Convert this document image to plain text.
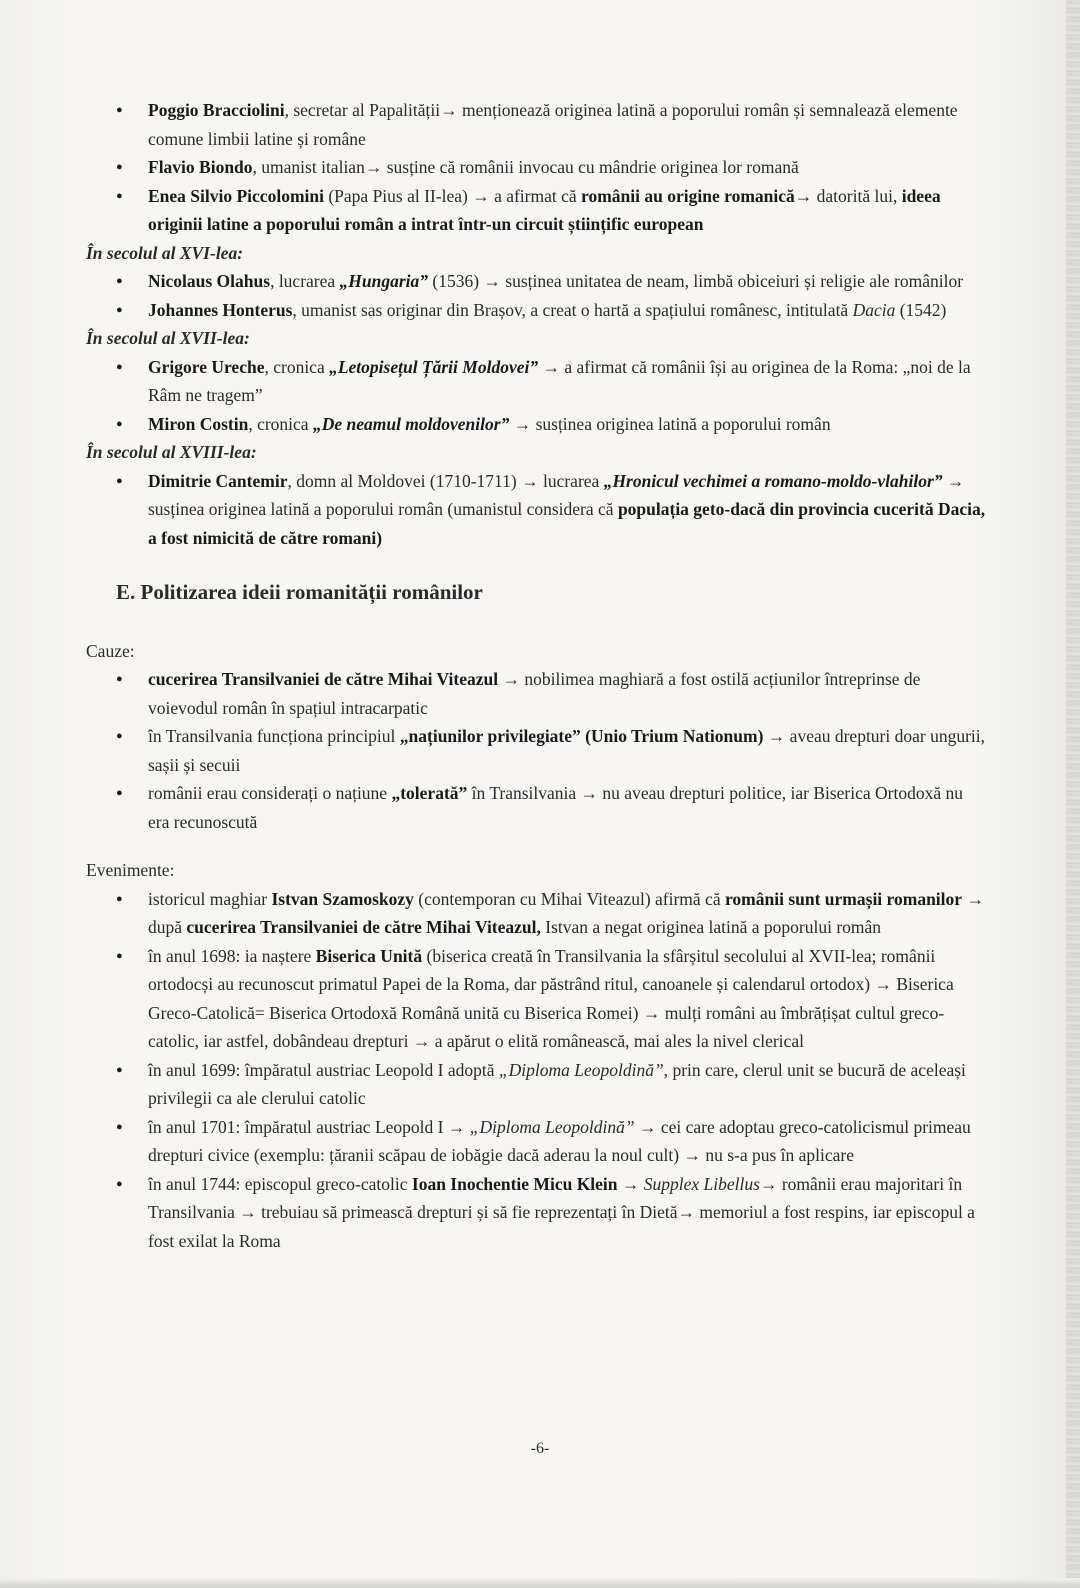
● Poggio Bracciolini, secretar al Papalității→ menționează originea latină a poporului român și semnalează elemente comune limbii latine și române
● Flavio Biondo, umanist italian→ susține că românii invocau cu mândrie originea lor romană
● Enea Silvio Piccolomini (Papa Pius al II-lea) → a afirmat că românii au origine romanică→ datorită lui, ideea originii latine a poporului român a intrat într-un circuit științific european
În secolul al XVI-lea:
● Nicolaus Olahus, lucrarea „Hungaria” (1536) → susținea unitatea de neam, limbă obiceiuri și religie ale românilor
● Johannes Honterus, umanist sas originar din Brașov, a creat o hartă a spațiului românesc, intitulată Dacia (1542)
În secolul al XVII-lea:
● Grigore Ureche, cronica „Letopisețul Țării Moldovei” → a afirmat că românii își au originea de la Roma: „noi de la Râm ne tragem”
● Miron Costin, cronica „De neamul moldovenilor” → susținea originea latină a poporului român
În secolul al XVIII-lea:
● Dimitrie Cantemir, domn al Moldovei (1710-1711) → lucrarea „Hronicul vechimei a romano-moldo-vlahilor” → susținea originea latină a poporului român (umanistul considera că populația geto-dacă din provincia cucerită Dacia, a fost nimicită de către romani)
E. Politizarea ideii romanității românilor
Cauze:
● cucerirea Transilvaniei de către Mihai Viteazul → nobilimea maghiară a fost ostilă acțiunilor întreprinse de voievodul român în spațiul intracarpatic
● în Transilvania funcționa principiul „națiunilor privilegiate” (Unio Trium Nationum) → aveau drepturi doar ungurii, sașii și secuii
● românii erau considerați o națiune „tolerată” în Transilvania → nu aveau drepturi politice, iar Biserica Ortodoxă nu era recunoscută
Evenimente:
● istoricul maghiar Istvan Szamoskozy (contemporan cu Mihai Viteazul) afirmă că românii sunt urmașii romanilor → după cucerirea Transilvaniei de către Mihai Viteazul, Istvan a negat originea latină a poporului român
● în anul 1698: ia naștere Biserica Unită (biserica creată în Transilvania la sfârșitul secolului al XVII-lea; românii ortodocși au recunoscut primatul Papei de la Roma, dar păstrând ritul, canoanele și calendarul ortodox) → Biserica Greco-Catolică= Biserica Ortodoxă Română unită cu Biserica Romei) → mulți români au îmbrățișat cultul greco-catolic, iar astfel, dobândeau drepturi → a apărut o elită românească, mai ales la nivel clerical
● în anul 1699: împăratul austriac Leopold I adoptă „Diploma Leopoldină”, prin care, clerul unit se bucură de aceleași privilegii ca ale clerului catolic
● în anul 1701: împăratul austriac Leopold I → „Diploma Leopoldină” → cei care adoptau greco-catolicismul primeau drepturi civice (exemplu: țăranii scăpau de iobăgie dacă aderau la noul cult) → nu s-a pus în aplicare
● în anul 1744: episcopul greco-catolic Ioan Inochentie Micu Klein → Supplex Libellus→ românii erau majoritari în Transilvania → trebuiau să primească drepturi și să fie reprezentați în Dietă→ memoriul a fost respins, iar episcopul a fost exilat la Roma
-6-
